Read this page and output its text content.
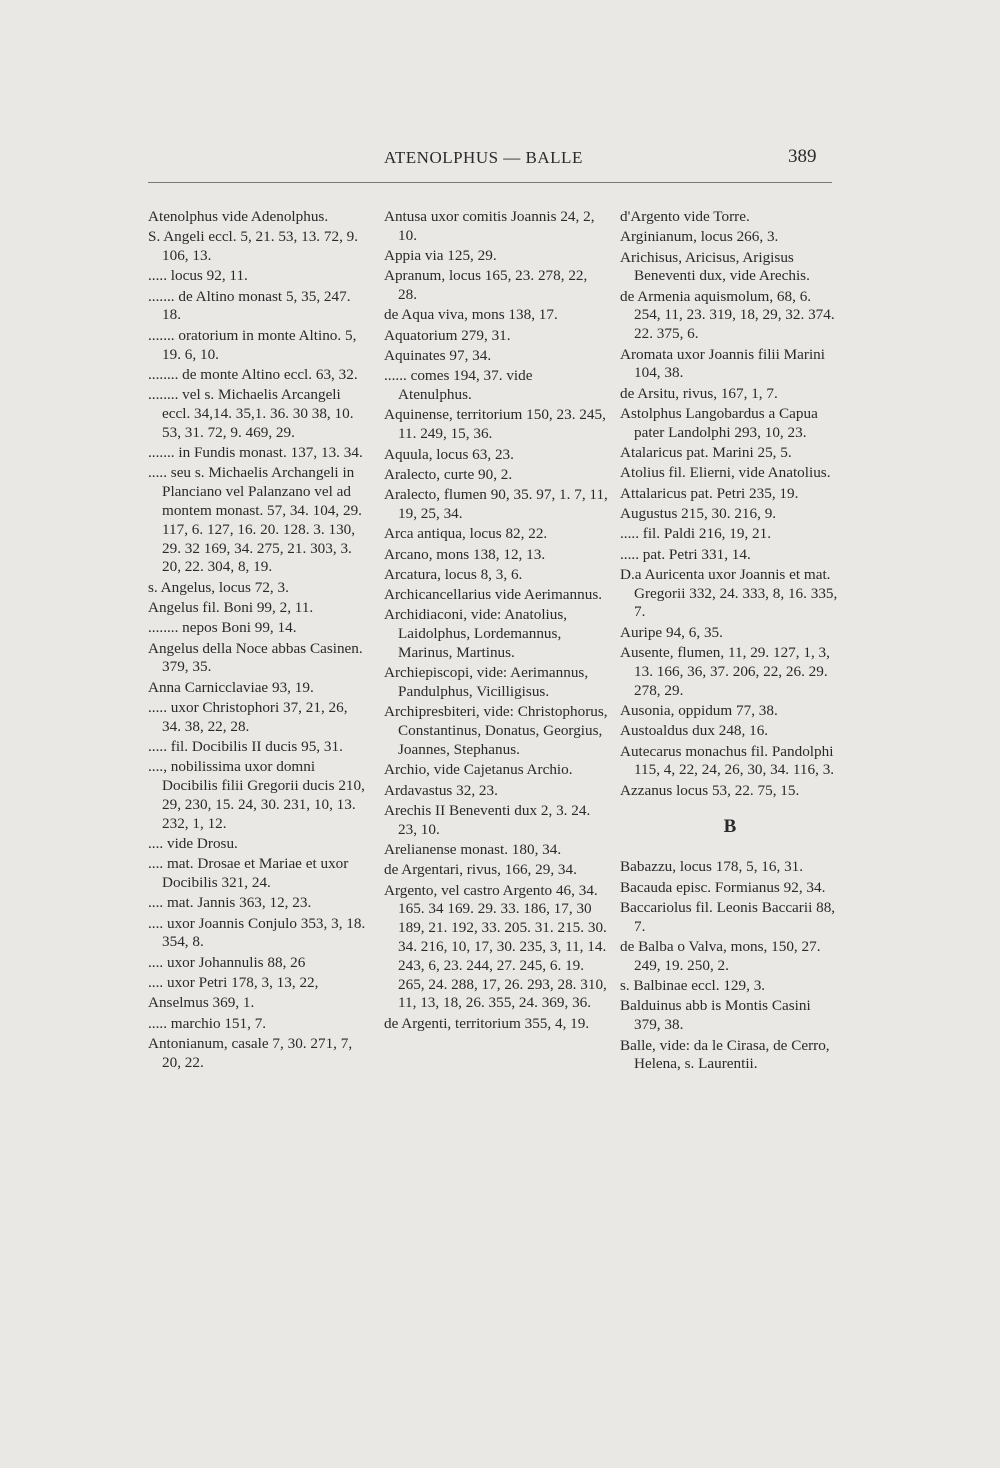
ATENOLPHUS — BALLE	389

Atenolphus vide Adenolphus.

S. Angeli eccl. 5, 21. 53, 13. 72, 9. 106, 13.

..... locus 92, 11.

....... de Altino monast 5, 35, 247. 18.

....... oratorium in monte Altino. 5, 19. 6, 10.

........ de monte Altino eccl. 63, 32.

........ vel s. Michaelis Arcangeli eccl. 34,14. 35,1. 36. 30 38, 10. 53, 31. 72, 9. 469, 29.

....... in Fundis monast. 137, 13. 34.

..... seu s. Michaelis Archangeli in Planciano vel Palanzano vel ad montem monast. 57, 34. 104, 29. 117, 6. 127, 16. 20. 128. 3. 130, 29. 32 169, 34. 275, 21. 303, 3. 20, 22. 304, 8, 19.

s. Angelus, locus 72, 3.

Angelus fil. Boni 99, 2, 11.

........ nepos Boni 99, 14.

Angelus della Noce abbas Casinen. 379, 35.

Anna Carnicclaviae 93, 19.

..... uxor Christophori 37, 21, 26, 34. 38, 22, 28.

..... fil. Docibilis II ducis 95, 31.

...., nobilissima uxor domni Docibilis filii Gregorii ducis 210, 29, 230, 15. 24, 30. 231, 10, 13. 232, 1, 12.

.... vide Drosu.

.... mat. Drosae et Mariae et uxor Docibilis 321, 24.

.... mat. Jannis 363, 12, 23.

.... uxor Joannis Conjulo 353, 3, 18. 354, 8.

.... uxor Johannulis 88, 26

.... uxor Petri 178, 3, 13, 22,

Anselmus 369, 1.

..... marchio 151, 7.

Antonianum, casale 7, 30. 271, 7, 20, 22.

Antusa uxor comitis Joannis 24, 2, 10.

Appia via 125, 29.

Apranum, locus 165, 23. 278, 22, 28.

de Aqua viva, mons 138, 17.

Aquatorium 279, 31.

Aquinates 97, 34.

...... comes 194, 37. vide Atenulphus.

Aquinense, territorium 150, 23. 245, 11. 249, 15, 36.

Aquula, locus 63, 23.

Aralecto, curte 90, 2.

Aralecto, flumen 90, 35. 97, 1. 7, 11, 19, 25, 34.

Arca antiqua, locus 82, 22.

Arcano, mons 138, 12, 13.

Arcatura, locus 8, 3, 6.

Archicancellarius vide Aerimannus.

Archidiaconi, vide: Anatolius, Laidolphus, Lordemannus, Marinus, Martinus.

Archiepiscopi, vide: Aerimannus, Pandulphus, Vicilligisus.

Archipresbiteri, vide: Christophorus, Constantinus, Donatus, Georgius, Joannes, Stephanus.

Archio, vide Cajetanus Archio.

Ardavastus 32, 23.

Arechis II Beneventi dux 2, 3. 24. 23, 10.

Arelianense monast. 180, 34.

de Argentari, rivus, 166, 29, 34.

Argento, vel castro Argento 46, 34. 165. 34 169. 29. 33. 186, 17, 30 189, 21. 192, 33. 205. 31. 215. 30. 34. 216, 10, 17, 30. 235, 3, 11, 14. 243, 6, 23. 244, 27. 245, 6. 19. 265, 24. 288, 17, 26. 293, 28. 310, 11, 13, 18, 26. 355, 24. 369, 36.

de Argenti, territorium 355, 4, 19.

d'Argento vide Torre.

Arginianum, locus 266, 3.

Arichisus, Aricisus, Arigisus Beneventi dux, vide Arechis.

de Armenia aquismolum, 68, 6. 254, 11, 23. 319, 18, 29, 32. 374. 22. 375, 6.

Aromata uxor Joannis filii Marini 104, 38.

de Arsitu, rivus, 167, 1, 7.

Astolphus Langobardus a Capua pater Landolphi 293, 10, 23.

Atalaricus pat. Marini 25, 5.

Atolius fil. Elierni, vide Anatolius.

Attalaricus pat. Petri 235, 19.

Augustus 215, 30. 216, 9.

..... fil. Paldi 216, 19, 21.

..... pat. Petri 331, 14.

D.a Auricenta uxor Joannis et mat. Gregorii 332, 24. 333, 8, 16. 335, 7.

Auripe 94, 6, 35.

Ausente, flumen, 11, 29. 127, 1, 3, 13. 166, 36, 37. 206, 22, 26. 29. 278, 29.

Ausonia, oppidum 77, 38.

Austoaldus dux 248, 16.

Autecarus monachus fil. Pandolphi 115, 4, 22, 24, 26, 30, 34. 116, 3.

Azzanus locus 53, 22. 75, 15.

B

Babazzu, locus 178, 5, 16, 31.

Bacauda episc. Formianus 92, 34.

Baccariolus fil. Leonis Baccarii 88, 7.

de Balba o Valva, mons, 150, 27. 249, 19. 250, 2.

s. Balbinae eccl. 129, 3.

Balduinus abb is Montis Casini 379, 38.

Balle, vide: da le Cirasa, de Cerro, Helena, s. Laurentii.
